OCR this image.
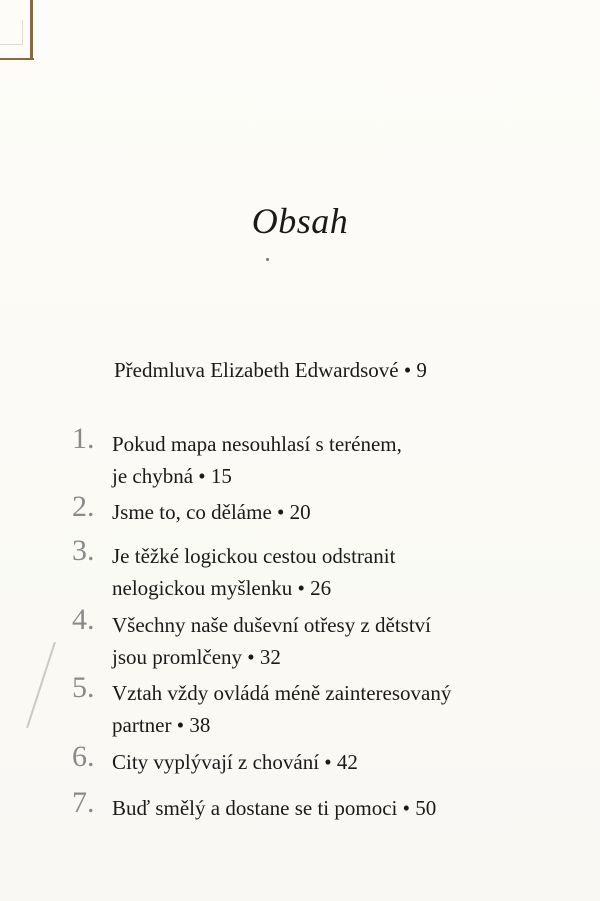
Obsah
Předmluva Elizabeth Edwardsové • 9
1. Pokud mapa nesouhlasí s terénem,
je chybná • 15
2. Jsme to, co děláme • 20
3. Je těžké logickou cestou odstranit
nelogickou myšlenku • 26
4. Všechny naše duševní otřesy z dětství
jsou promlčeny • 32
5. Vztah vždy ovládá méně zainteresovaný
partner • 38
6. City vyplývají z chování • 42
7. Buď smělý a dostane se ti pomoci • 50
